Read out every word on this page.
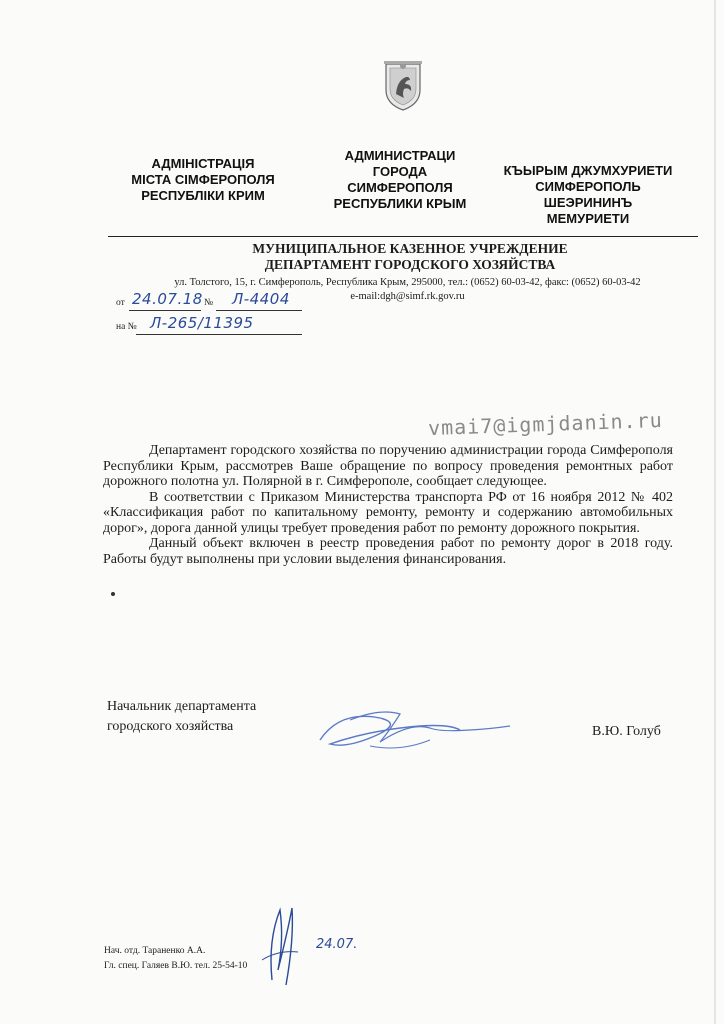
АДМІНІСТРАЦІЯ
МІСТА СІМФЕРОПОЛЯ
РЕСПУБЛІКИ КРИМ
АДМИНИСТРАЦИ
ГОРОДА
СИМФЕРОПОЛЯ
РЕСПУБЛИКИ КРЫМ
КЪЫРЫМ ДЖУМХУРИЕТИ
СИМФЕРОПОЛЬ
ШЕЭРИНИНЪ
МЕМУРИЕТИ
МУНИЦИПАЛЬНОЕ КАЗЕННОЕ УЧРЕЖДЕНИЕ
ДЕПАРТАМЕНТ ГОРОДСКОГО ХОЗЯЙСТВА
ул. Толстого, 15, г. Симферополь, Республика Крым, 295000, тел.: (0652) 60-03-42, факс: (0652) 60-03-42
e-mail:dgh@simf.rk.gov.ru
от 24.07.18 № Л-4404
на № Л-265/11395
vmai7@igmjdanin.ru

Департамент городского хозяйства по поручению администрации города Симферополя Республики Крым, рассмотрев Ваше обращение по вопросу проведения ремонтных работ дорожного полотна ул. Полярной в г. Симферополе, сообщает следующее.

В соответствии с Приказом Министерства транспорта РФ от 16 ноября 2012 № 402 «Классификация работ по капитальному ремонту, ремонту и содержанию автомобильных дорог», дорога данной улицы требует проведения работ по ремонту дорожного покрытия.

Данный объект включен в реестр проведения работ по ремонту дорог в 2018 году. Работы будут выполнены при условии выделения финансирования.

Начальник департамента
городского хозяйства	В.Ю. Голуб
Нач. отд. Тараненко А.А.
Гл. спец. Галяев В.Ю. тел. 25-54-10
24.07.
